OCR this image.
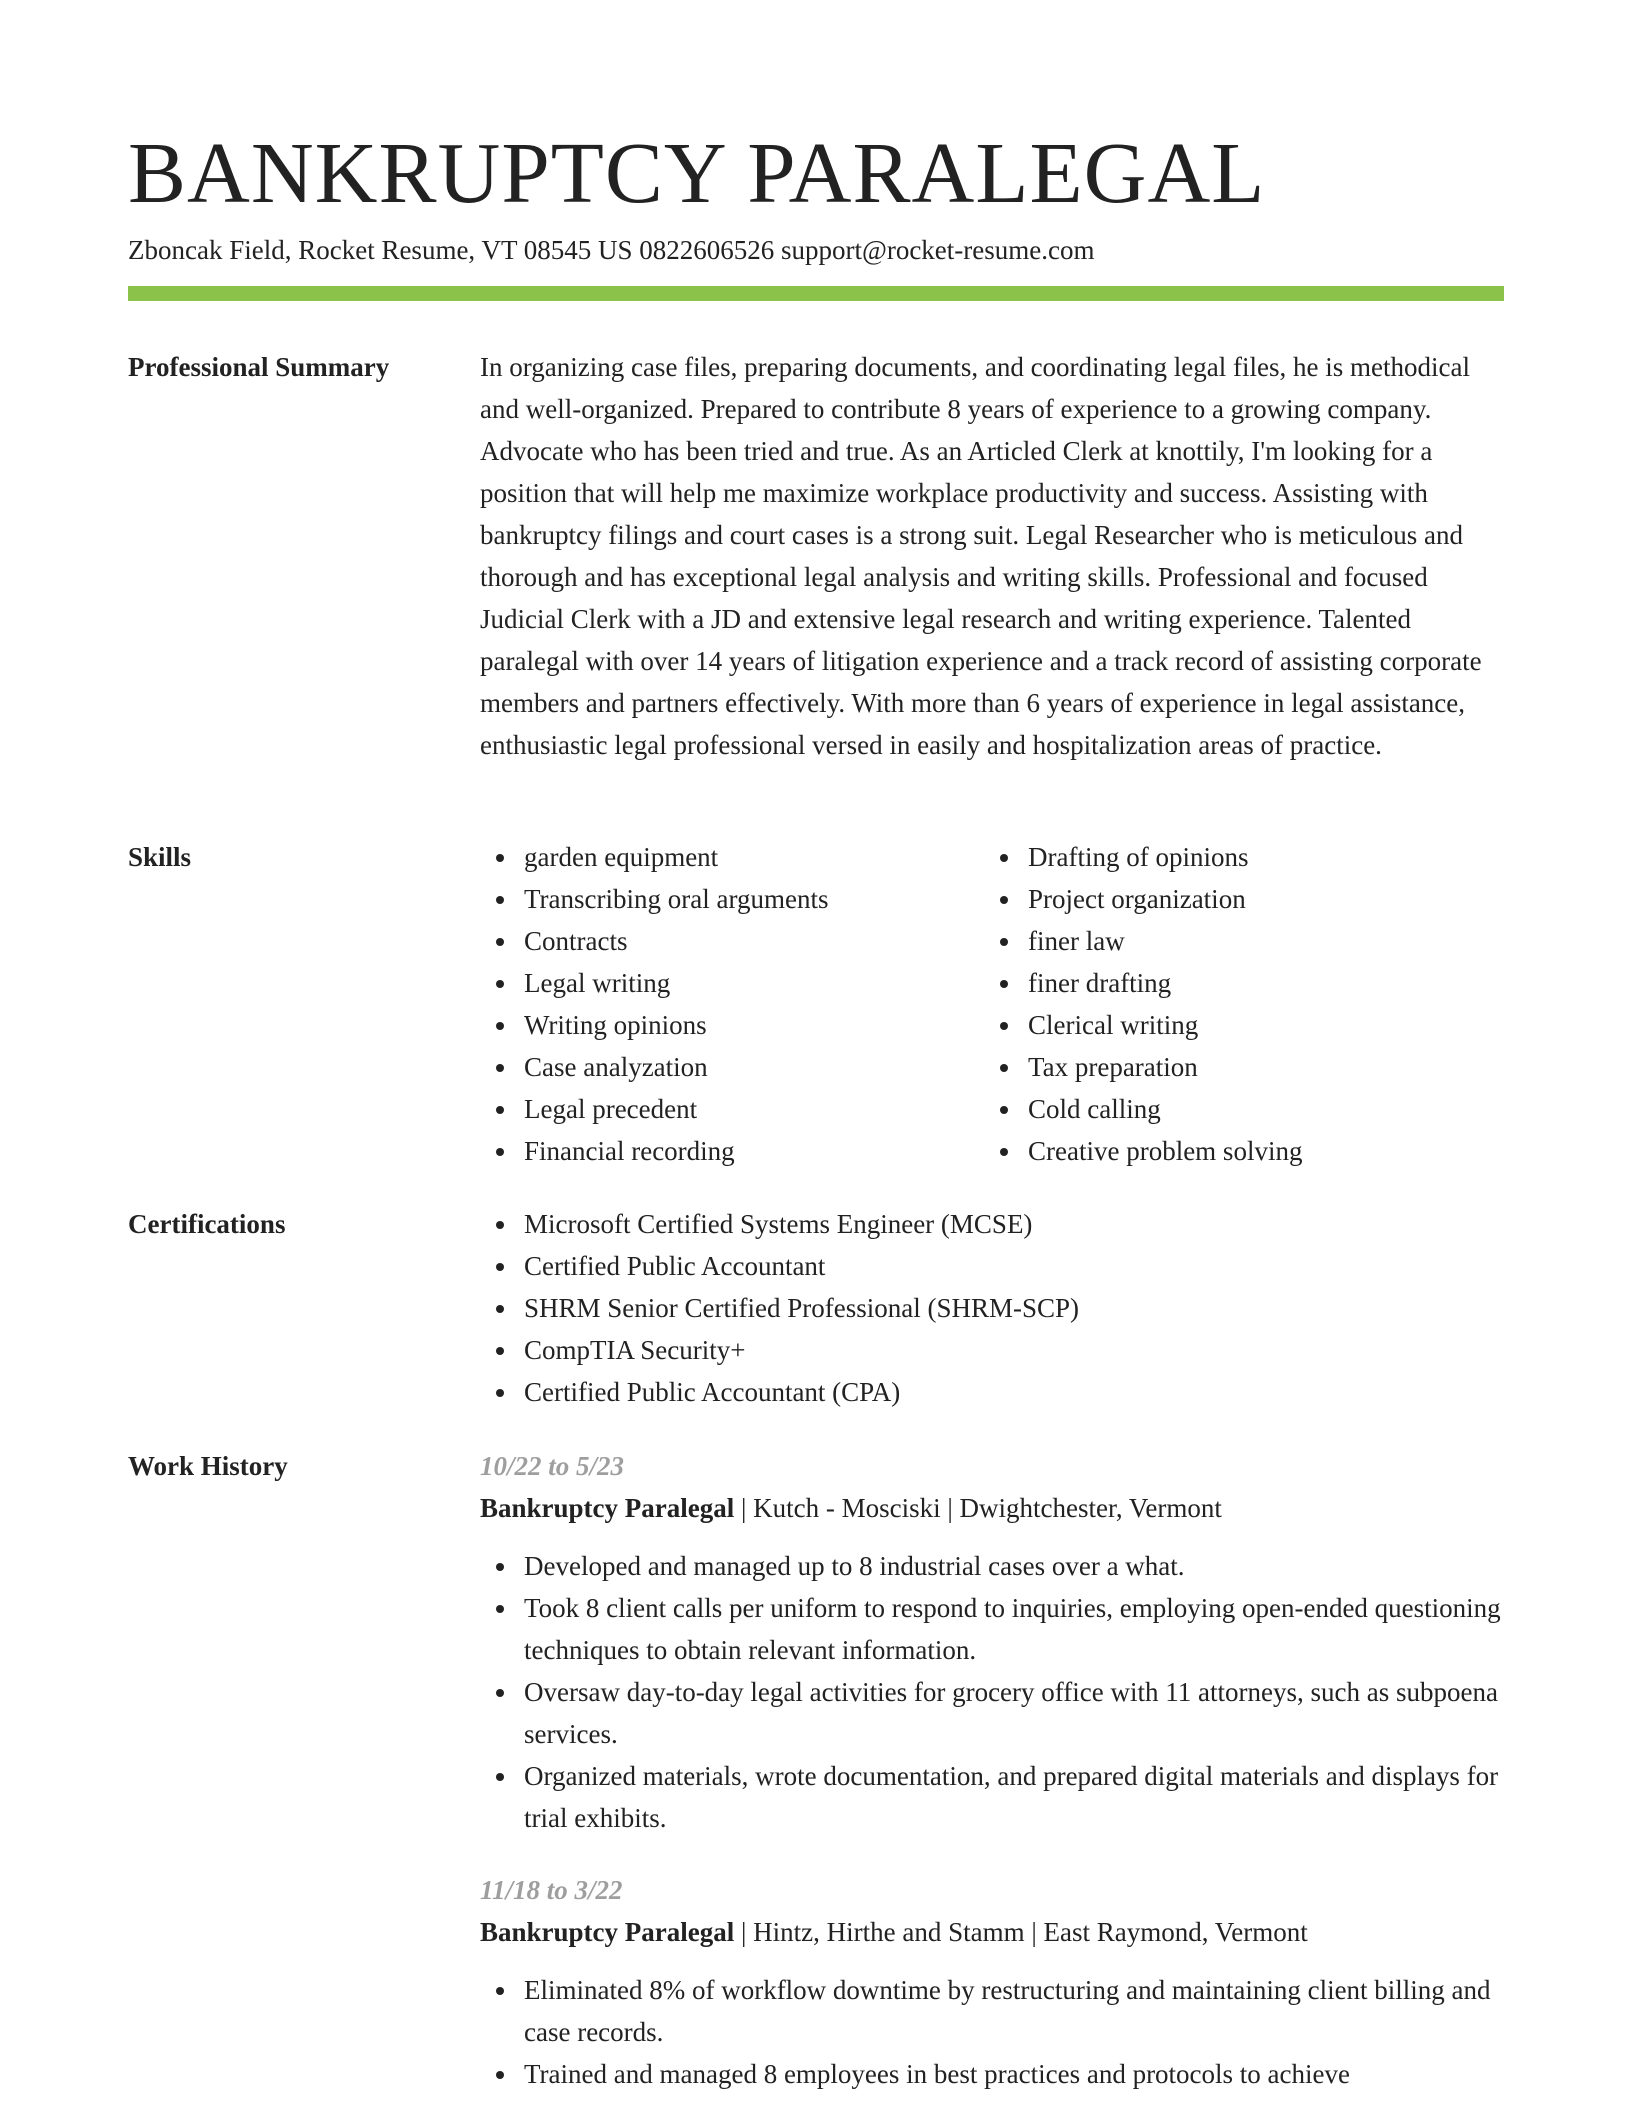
BANKRUPTCY PARALEGAL
Zboncak Field, Rocket Resume, VT 08545 US 0822606526 support@rocket-resume.com
Professional Summary	In organizing case files, preparing documents, and coordinating legal files, he is methodical and well-organized. Prepared to contribute 8 years of experience to a growing company. Advocate who has been tried and true. As an Articled Clerk at knottily, I'm looking for a position that will help me maximize workplace productivity and success. Assisting with bankruptcy filings and court cases is a strong suit. Legal Researcher who is meticulous and thorough and has exceptional legal analysis and writing skills. Professional and focused Judicial Clerk with a JD and extensive legal research and writing experience. Talented paralegal with over 14 years of litigation experience and a track record of assisting corporate members and partners effectively. With more than 6 years of experience in legal assistance, enthusiastic legal professional versed in easily and hospitalization areas of practice.

Skills	garden equipment
Transcribing oral arguments
Contracts
Legal writing
Writing opinions
Case analyzation
Legal precedent
Financial recording
Drafting of opinions
Project organization
finer law
finer drafting
Clerical writing
Tax preparation
Cold calling
Creative problem solving
Certifications	Microsoft Certified Systems Engineer (MCSE)
Certified Public Accountant
SHRM Senior Certified Professional (SHRM-SCP)
CompTIA Security+
Certified Public Accountant (CPA)
Work History	10/22 to 5/23
Bankruptcy Paralegal | Kutch - Mosciski | Dwightchester, Vermont
Developed and managed up to 8 industrial cases over a what.
Took 8 client calls per uniform to respond to inquiries, employing open-ended questioning techniques to obtain relevant information.
Oversaw day-to-day legal activities for grocery office with 11 attorneys, such as subpoena services.
Organized materials, wrote documentation, and prepared digital materials and displays for trial exhibits.
11/18 to 3/22
Bankruptcy Paralegal | Hintz, Hirthe and Stamm | East Raymond, Vermont
Eliminated 8% of workflow downtime by restructuring and maintaining client billing and case records.
Trained and managed 8 employees in best practices and protocols to achieve
